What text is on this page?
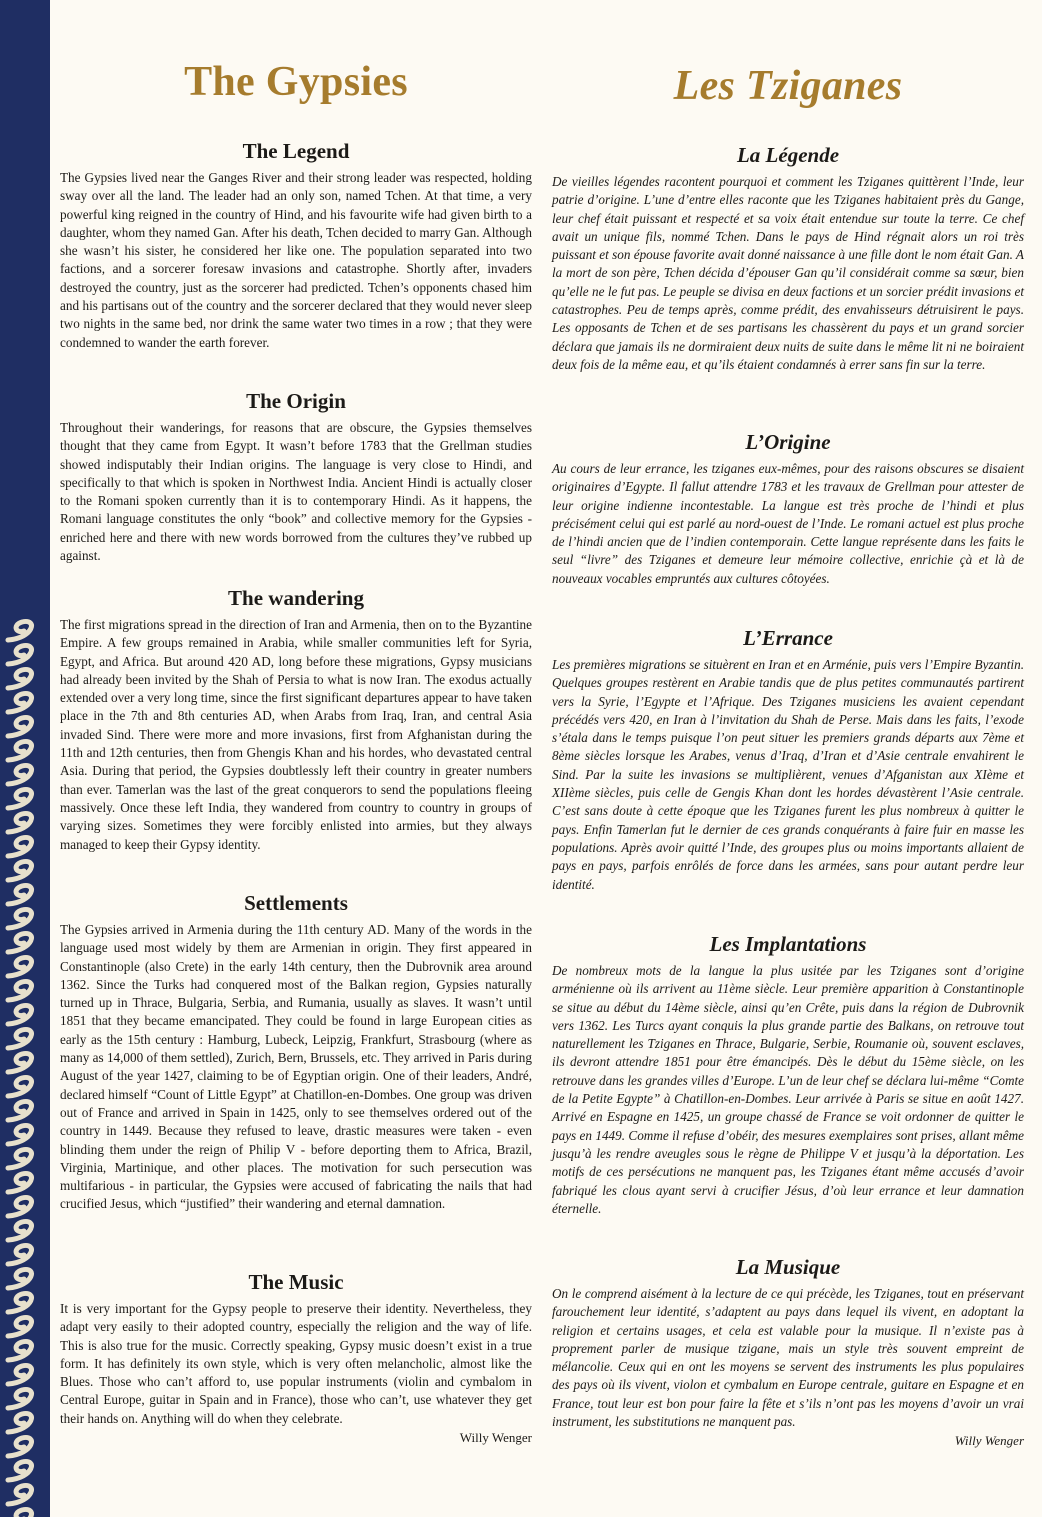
The Gypsies
The Legend

The Gypsies lived near the Ganges River and their strong leader was respected, holding sway over all the land. The leader had an only son, named Tchen. At that time, a very powerful king reigned in the country of Hind, and his favourite wife had given birth to a daughter, whom they named Gan. After his death, Tchen decided to marry Gan. Although she wasn’t his sister, he considered her like one. The population separated into two factions, and a sorcerer foresaw invasions and catastrophe. Shortly after, invaders destroyed the country, just as the sorcerer had predicted. Tchen’s opponents chased him and his partisans out of the country and the sorcerer declared that they would never sleep two nights in the same bed, nor drink the same water two times in a row ; that they were condemned to wander the earth forever.

The Origin

Throughout their wanderings, for reasons that are obscure, the Gypsies themselves thought that they came from Egypt. It wasn’t before 1783 that the Grellman studies showed indisputably their Indian origins. The language is very close to Hindi, and specifically to that which is spoken in Northwest India. Ancient Hindi is actually closer to the Romani spoken currently than it is to contemporary Hindi. As it happens, the Romani language constitutes the only “book” and collective memory for the Gypsies - enriched here and there with new words borrowed from the cultures they’ve rubbed up against.

The wandering

The first migrations spread in the direction of Iran and Armenia, then on to the Byzantine Empire. A few groups remained in Arabia, while smaller communities left for Syria, Egypt, and Africa. But around 420 AD, long before these migrations, Gypsy musicians had already been invited by the Shah of Persia to what is now Iran. The exodus actually extended over a very long time, since the first significant departures appear to have taken place in the 7th and 8th centuries AD, when Arabs from Iraq, Iran, and central Asia invaded Sind. There were more and more invasions, first from Afghanistan during the 11th and 12th centuries, then from Ghengis Khan and his hordes, who devastated central Asia. During that period, the Gypsies doubtlessly left their country in greater numbers than ever. Tamerlan was the last of the great conquerors to send the populations fleeing massively. Once these left India, they wandered from country to country in groups of varying sizes. Sometimes they were forcibly enlisted into armies, but they always managed to keep their Gypsy identity.

Settlements

The Gypsies arrived in Armenia during the 11th century AD. Many of the words in the language used most widely by them are Armenian in origin. They first appeared in Constantinople (also Crete) in the early 14th century, then the Dubrovnik area around 1362. Since the Turks had conquered most of the Balkan region, Gypsies naturally turned up in Thrace, Bulgaria, Serbia, and Rumania, usually as slaves. It wasn’t until 1851 that they became emancipated. They could be found in large European cities as early as the 15th century : Hamburg, Lubeck, Leipzig, Frankfurt, Strasbourg (where as many as 14,000 of them settled), Zurich, Bern, Brussels, etc. They arrived in Paris during August of the year 1427, claiming to be of Egyptian origin. One of their leaders, André, declared himself “Count of Little Egypt” at Chatillon-en-Dombes. One group was driven out of France and arrived in Spain in 1425, only to see themselves ordered out of the country in 1449. Because they refused to leave, drastic measures were taken - even blinding them under the reign of Philip V - before deporting them to Africa, Brazil, Virginia, Martinique, and other places. The motivation for such persecution was multifarious - in particular, the Gypsies were accused of fabricating the nails that had crucified Jesus, which “justified” their wandering and eternal damnation.

The Music

It is very important for the Gypsy people to preserve their identity. Nevertheless, they adapt very easily to their adopted country, especially the religion and the way of life. This is also true for the music. Correctly speaking, Gypsy music doesn’t exist in a true form. It has definitely its own style, which is very often melancholic, almost like the Blues. Those who can’t afford to, use popular instruments (violin and cymbalom in Central Europe, guitar in Spain and in France), those who can’t, use whatever they get their hands on. Anything will do when they celebrate.

Willy Wenger
Les Tziganes
La Légende

De vieilles légendes racontent pourquoi et comment les Tziganes quittèrent l’Inde, leur patrie d’origine. L’une d’entre elles raconte que les Tziganes habitaient près du Gange, leur chef était puissant et respecté et sa voix était entendue sur toute la terre. Ce chef avait un unique fils, nommé Tchen. Dans le pays de Hind régnait alors un roi très puissant et son épouse favorite avait donné naissance à une fille dont le nom était Gan. A la mort de son père, Tchen décida d’épouser Gan qu’il considérait comme sa sœur, bien qu’elle ne le fut pas. Le peuple se divisa en deux factions et un sorcier prédit invasions et catastrophes. Peu de temps après, comme prédit, des envahisseurs détruisirent le pays. Les opposants de Tchen et de ses partisans les chassèrent du pays et un grand sorcier déclara que jamais ils ne dormiraient deux nuits de suite dans le même lit ni ne boiraient deux fois de la même eau, et qu’ils étaient condamnés à errer sans fin sur la terre.

L’Origine

Au cours de leur errance, les tziganes eux-mêmes, pour des raisons obscures se disaient originaires d’Egypte. Il fallut attendre 1783 et les travaux de Grellman pour attester de leur origine indienne incontestable. La langue est très proche de l’hindi et plus précisément celui qui est parlé au nord-ouest de l’Inde. Le romani actuel est plus proche de l’hindi ancien que de l’indien contemporain. Cette langue représente dans les faits le seul “livre” des Tziganes et demeure leur mémoire collective, enrichie çà et là de nouveaux vocables empruntés aux cultures côtoyées.

L’Errance

Les premières migrations se situèrent en Iran et en Arménie, puis vers l’Empire Byzantin. Quelques groupes restèrent en Arabie tandis que de plus petites communautés partirent vers la Syrie, l’Egypte et l’Afrique. Des Tziganes musiciens les avaient cependant précédés vers 420, en Iran à l’invitation du Shah de Perse. Mais dans les faits, l’exode s’étala dans le temps puisque l’on peut situer les premiers grands départs aux 7ème et 8ème siècles lorsque les Arabes, venus d’Iraq, d’Iran et d’Asie centrale envahirent le Sind. Par la suite les invasions se multiplièrent, venues d’Afganistan aux XIème et XIIème siècles, puis celle de Gengis Khan dont les hordes dévastèrent l’Asie centrale. C’est sans doute à cette époque que les Tziganes furent les plus nombreux à quitter le pays. Enfin Tamerlan fut le dernier de ces grands conquérants à faire fuir en masse les populations. Après avoir quitté l’Inde, des groupes plus ou moins importants allaient de pays en pays, parfois enrôlés de force dans les armées, sans pour autant perdre leur identité.

Les Implantations

De nombreux mots de la langue la plus usitée par les Tziganes sont d’origine arménienne où ils arrivent au 11ème siècle. Leur première apparition à Constantinople se situe au début du 14ème siècle, ainsi qu’en Crête, puis dans la région de Dubrovnik vers 1362. Les Turcs ayant conquis la plus grande partie des Balkans, on retrouve tout naturellement les Tziganes en Thrace, Bulgarie, Serbie, Roumanie où, souvent esclaves, ils devront attendre 1851 pour être émancipés. Dès le début du 15ème siècle, on les retrouve dans les grandes villes d’Europe. L’un de leur chef se déclara lui-même “Comte de la Petite Egypte” à Chatillon-en-Dombes. Leur arrivée à Paris se situe en août 1427. Arrivé en Espagne en 1425, un groupe chassé de France se voit ordonner de quitter le pays en 1449. Comme il refuse d’obéir, des mesures exemplaires sont prises, allant même jusqu’à les rendre aveugles sous le règne de Philippe V et jusqu’à la déportation. Les motifs de ces persécutions ne manquent pas, les Tziganes étant même accusés d’avoir fabriqué les clous ayant servi à crucifier Jésus, d’où leur errance et leur damnation éternelle.

La Musique

On le comprend aisément à la lecture de ce qui précède, les Tziganes, tout en préservant farouchement leur identité, s’adaptent au pays dans lequel ils vivent, en adoptant la religion et certains usages, et cela est valable pour la musique. Il n’existe pas à proprement parler de musique tzigane, mais un style très souvent empreint de mélancolie. Ceux qui en ont les moyens se servent des instruments les plus populaires des pays où ils vivent, violon et cymbalum en Europe centrale, guitare en Espagne et en France, tout leur est bon pour faire la fête et s’ils n’ont pas les moyens d’avoir un vrai instrument, les substitutions ne manquent pas.

Willy Wenger
